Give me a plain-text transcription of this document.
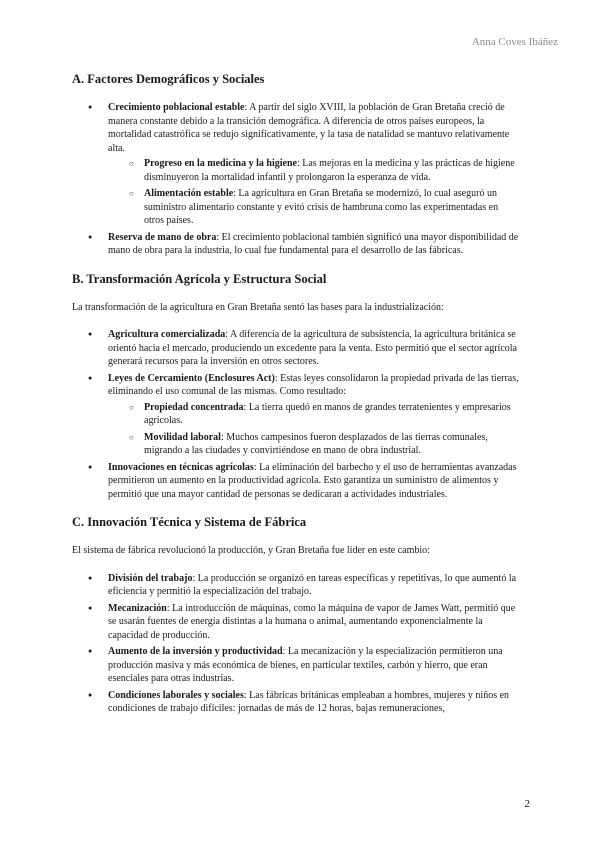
Anna Coves Ibáñez
A. Factores Demográficos y Sociales
● Crecimiento poblacional estable: A partir del siglo XVIII, la población de Gran Bretaña creció de manera constante debido a la transición demográfica. A diferencia de otros países europeos, la mortalidad catastrófica se redujo significativamente, y la tasa de natalidad se mantuvo relativamente alta.
○ Progreso en la medicina y la higiene: Las mejoras en la medicina y las prácticas de higiene disminuyeron la mortalidad infantil y prolongaron la esperanza de vida.
○ Alimentación estable: La agricultura en Gran Bretaña se modernizó, lo cual aseguró un suministro alimentario constante y evitó crisis de hambruna como las experimentadas en otros países.
● Reserva de mano de obra: El crecimiento poblacional también significó una mayor disponibilidad de mano de obra para la industria, lo cual fue fundamental para el desarrollo de las fábricas.
B. Transformación Agrícola y Estructura Social

La transformación de la agricultura en Gran Bretaña sentó las bases para la industrialización:

● Agricultura comercializada: A diferencia de la agricultura de subsistencia, la agricultura británica se orientó hacia el mercado, produciendo un excedente para la venta. Esto permitió que el sector agrícola generará recursos para la inversión en otros sectores.
● Leyes de Cercamiento (Enclosures Act): Estas leyes consolidaron la propiedad privada de las tierras, eliminando el uso comunal de las mismas. Como resultado:
○ Propiedad concentrada: La tierra quedó en manos de grandes terratenientes y empresarios agrícolas.
○ Movilidad laboral: Muchos campesinos fueron desplazados de las tierras comunales, migrando a las ciudades y convirtiéndose en mano de obra industrial.
● Innovaciones en técnicas agrícolas: La eliminación del barbecho y el uso de herramientas avanzadas permitieron un aumento en la productividad agrícola. Esto garantiza un suministro de alimentos y permitió que una mayor cantidad de personas se dedicaran a actividades industriales.
C. Innovación Técnica y Sistema de Fábrica

El sistema de fábrica revolucionó la producción, y Gran Bretaña fue líder en este cambio:

● División del trabajo: La producción se organizó en tareas específicas y repetitivas, lo que aumentó la eficiencia y permitió la especialización del trabajo.
● Mecanización: La introducción de máquinas, como la máquina de vapor de James Watt, permitió que se usarán fuentes de energía distintas a la humana o animal, aumentando exponencialmente la capacidad de producción.
● Aumento de la inversión y productividad: La mecanización y la especialización permitieron una producción masiva y más económica de bienes, en particular textiles, carbón y hierro, que eran esenciales para otras industrias.
● Condiciones laborales y sociales: Las fábricas británicas empleaban a hombres, mujeres y niños en condiciones de trabajo difíciles: jornadas de más de 12 horas, bajas remuneraciones,
2
